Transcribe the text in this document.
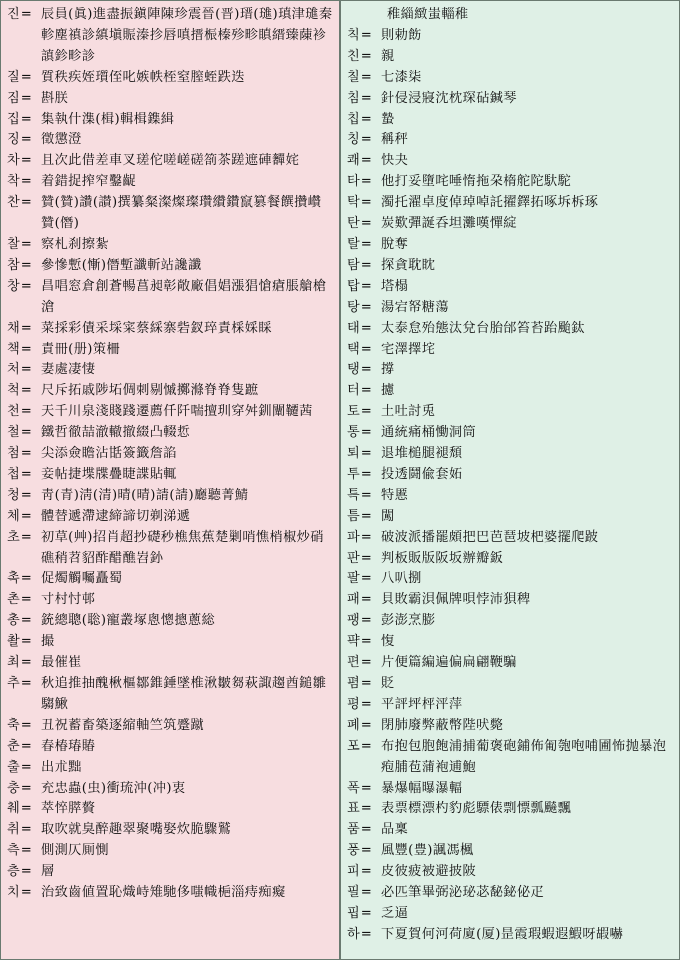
진= 辰員(眞)進盡振鎭陣陳珍震晉(晋)瑨(璡)瑱津璡秦軫塵禛診縝塡賑溱抮唇嗔搢桭榛殄畛瞋縉臻蔯袗謓鉁畛診
질= 質秩疾姪瓆侄叱嫉帙桎窒膣蛭跌迭
짐= 斟朕
집= 集執什潗(楫)輯楫鏶緝
징= 徵懲澄
차= 且次此借差車叉瑳佗嗟嵯磋箚茶蹉遮硨奲姹
착= 着錯捉搾窄鑿齪
찬= 贊(贊)讚(讃)撰纂粲澯燦璨瓚纘鑽竄篡餐饌攢巑贊(僭)
찰= 察札刹擦紮
참= 參慘慙(慚)僭塹讖斬站讒讖
창= 昌唱窓倉創蒼暢菖昶彰敞廠倡娼漲猖愴瘡脹艙槍滄
채= 菜採彩債采埰寀蔡綵寨砦釵琗責棌婇睬
책= 責冊(册)策柵
처= 妻處凄悽
척= 尺斥拓戚陟坧倜刺剔慽擲滌脊脊隻蹠
천= 天千川泉淺賤踐遷薦仟阡喘擅玔穿舛釧闡韆茜
철= 鐵哲徹喆澈轍撤綴凸輟悊
첨= 尖添僉瞻沾甛簽籤詹諂
첩= 妾帖捷堞牒疊睫諜貼輒
청= 靑(青)淸(清)晴(晴)請(請)廳聽菁鯖
체= 體替遞滯逮締諦切剃涕遞
초= 初草(艸)招肖超抄礎秒樵焦蕉楚剿哨憔梢椒炒硝礁稍苕貂酢醋醮岧釥
촉= 促燭觸囑矗蜀
촌= 寸村忖邨
총= 銃總聰(聡)寵叢塚悤憁摠蔥総
촬= 撮
최= 最催崔
추= 秋追推抽醜楸樞鄒錐錘墜椎湫皺芻萩諏趨酋鎚雛騶鰍
축= 丑祝蓄畜築逐縮軸竺筑蹙蹴
춘= 春椿瑃賰
출= 出朮黜
충= 充忠蟲(虫)衝琉沖(冲)衷
췌= 萃悴膵贅
취= 取吹就臭醉趣翠聚嘴娶炊脆驟鷲
측= 側測仄厠惻
층= 層
치= 治致齒値置恥熾峙雉馳侈嗤幟梔淄痔痴癡
稚緇緻蚩輜稚
칙= 則勅飭
친= 親
칠= 七漆柒
침= 針侵浸寢沈枕琛砧鍼琴
칩= 蟄
칭= 稱秤
쾌= 快夬
타= 他打妥墮咤唾惰拖朶楕舵陀馱駝
탁= 濁托濯卓度倬琸啅託擢鐸拓啄坼柝琢
탄= 炭歎彈誕呑坦灘嘆憚綻
탈= 脫奪
탐= 探貪耽眈
탑= 塔榻
탕= 湯宕帑糖蕩
태= 太泰怠殆態汰兌台胎邰笞苔跆颱鈦
택= 宅澤擇垞
탱= 撐
터= 攄
토= 土吐討兎
통= 通統痛桶慟洞筒
퇴= 退堆槌腿褪頹
투= 投透鬪偸套妬
특= 特慝
틈= 闖
파= 破波派播罷頗把巴芭琶坡杷婆擺爬跛
판= 判板販版阪坂辦瓣鈑
팔= 八叭捌
패= 貝敗霸浿佩牌唄悖沛狽稗
팽= 彭澎烹膨
퍅= 愎
편= 片便篇編遍偏扁翩鞭騙
폄= 貶
평= 平評坪枰泙萍
폐= 閉肺廢弊蔽幣陛吠斃
포= 布抱包胞飽浦捕葡褒砲鋪佈匍匏咆哺圃怖抛暴泡疱脯苞蒲袍逋鮑
폭= 暴爆幅曝瀑輻
표= 表票標漂杓豹彪驃俵剽慓瓢飇飄
품= 品稟
풍= 風豐(豊)諷馮楓
피= 皮彼疲被避披陂
필= 必匹筆畢弼泌珌苾馝鉍佖疋
핍= 乏逼
하= 下夏賀何河荷廈(厦)昰霞瑕蝦遐鰕呀嘏嚇
